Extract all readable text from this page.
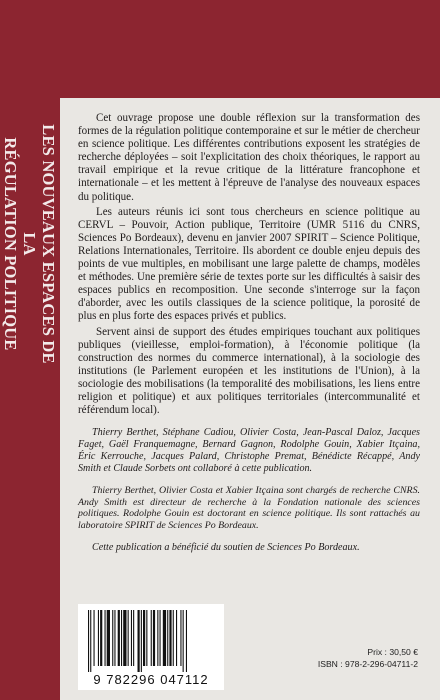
LES NOUVEAUX ESPACES DE LA
RÉGULATION POLITIQUE

Cet ouvrage propose une double réflexion sur la transformation des formes de la régulation politique contemporaine et sur le métier de chercheur en science politique. Les différentes contributions exposent les stratégies de recherche déployées – soit l'explicitation des choix théoriques, le rapport au travail empirique et la revue critique de la littérature francophone et internationale – et les mettent à l'épreuve de l'analyse des nouveaux espaces du politique.

Les auteurs réunis ici sont tous chercheurs en science politique au CERVL – Pouvoir, Action publique, Territoire (UMR 5116 du CNRS, Sciences Po Bordeaux), devenu en janvier 2007 SPIRIT – Science Politique, Relations Internationales, Territoire. Ils abordent ce double enjeu depuis des points de vue multiples, en mobilisant une large palette de champs, modèles et méthodes. Une première série de textes porte sur les difficultés à saisir des espaces publics en recomposition. Une seconde s'interroge sur la façon d'aborder, avec les outils classiques de la science politique, la porosité de plus en plus forte des espaces privés et publics.

Servent ainsi de support des études empiriques touchant aux politiques publiques (vieillesse, emploi-formation), à l'économie politique (la construction des normes du commerce international), à la sociologie des institutions (le Parlement européen et les institutions de l'Union), à la sociologie des mobilisations (la temporalité des mobilisations, les liens entre religion et politique) et aux politiques territoriales (intercommunalité et référendum local).

Thierry Berthet, Stéphane Cadiou, Olivier Costa, Jean-Pascal Daloz, Jacques Faget, Gaël Franquemagne, Bernard Gagnon, Rodolphe Gouin, Xabier Itçaina, Éric Kerrouche, Jacques Palard, Christophe Premat, Bénédicte Récappé, Andy Smith et Claude Sorbets ont collaboré à cette publication.

Thierry Berthet, Olivier Costa et Xabier Itçaina sont chargés de recherche CNRS. Andy Smith est directeur de recherche à la Fondation nationale des sciences politiques. Rodolphe Gouin est doctorant en science politique. Ils sont rattachés au laboratoire SPIRIT de Sciences Po Bordeaux.

Cette publication a bénéficié du soutien de Sciences Po Bordeaux.

9 782296 047112
Prix : 30,50 €
ISBN : 978-2-296-04711-2
